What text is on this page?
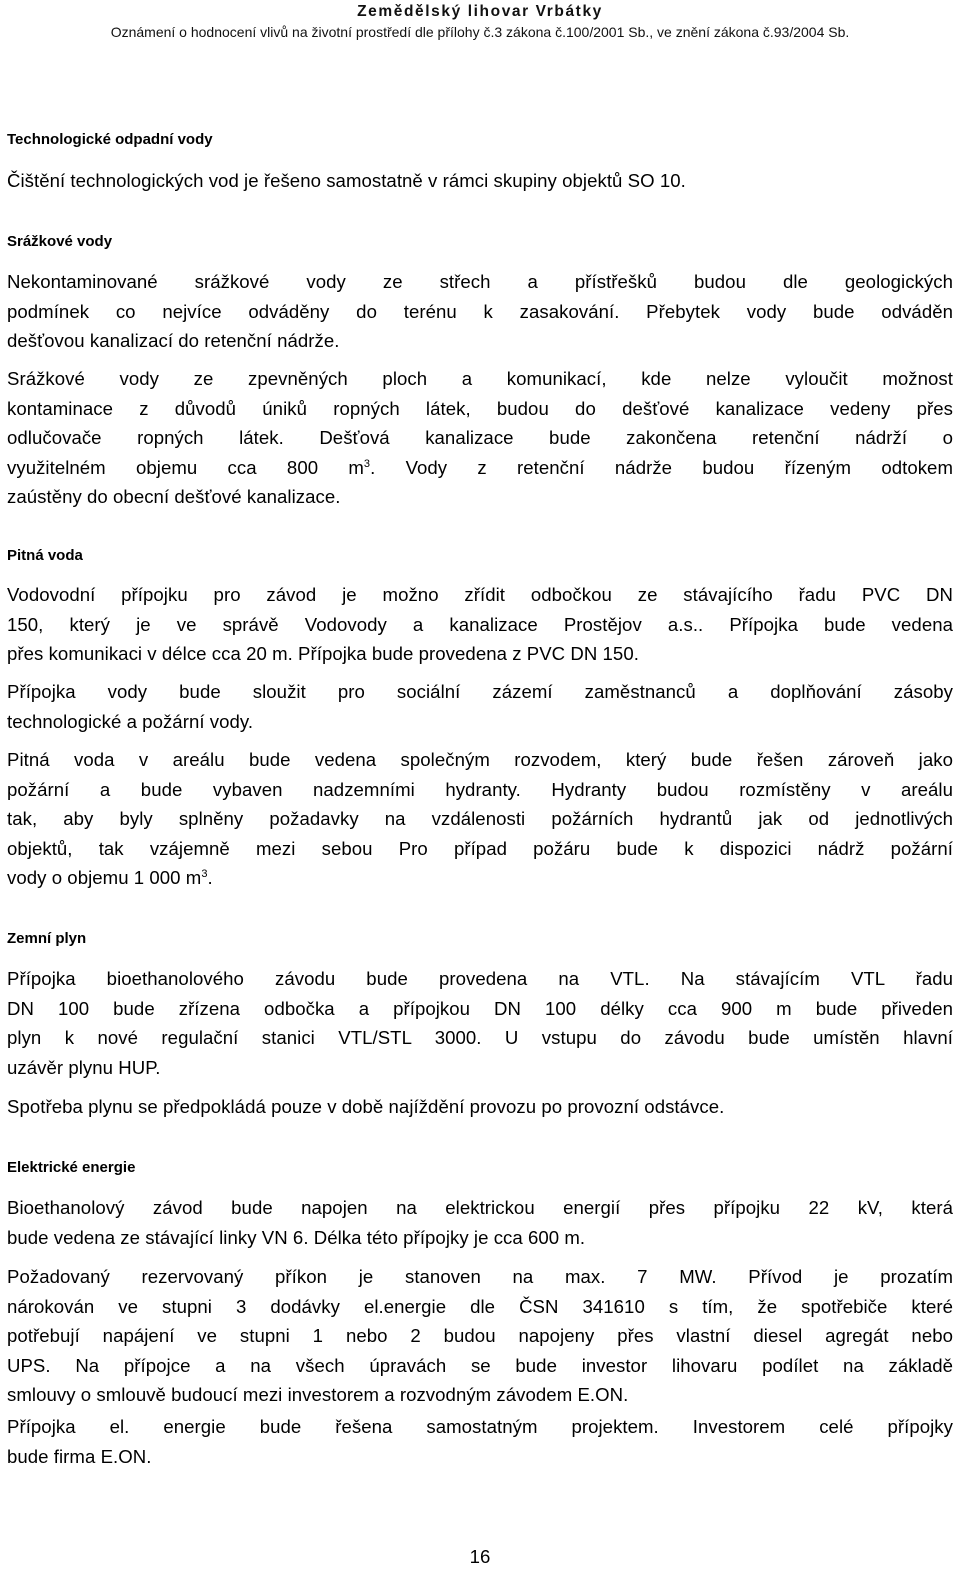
Zemědělský lihovar Vrbátky
Oznámení o hodnocení vlivů na životní prostředí dle přílohy č.3 zákona č.100/2001 Sb., ve znění zákona č.93/2004 Sb.
Technologické odpadní vody
Čištění technologických vod je řešeno samostatně v rámci skupiny objektů SO 10.
Srážkové vody
Nekontaminované srážkové vody ze střech a přístřešků budou dle geologických
podmínek co nejvíce odváděny do terénu k zasakování. Přebytek vody bude odváděn
dešťovou kanalizací do retenční nádrže.
Srážkové vody ze zpevněných ploch a komunikací, kde nelze vyloučit možnost
kontaminace z důvodů úniků ropných látek, budou do dešťové kanalizace vedeny přes
odlučovače ropných látek. Dešťová kanalizace bude zakončena retenční nádrží o
využitelném objemu cca 800 $m^3$. Vody z retenční nádrže budou řízeným odtokem
zaústěny do obecní dešťové kanalizace.
Pitná voda
Vodovodní přípojku pro závod je možno zřídit odbočkou ze stávajícího řadu PVC DN
150, který je ve správě Vodovody a kanalizace Prostějov a.s.. Přípojka bude vedena
přes komunikaci v délce cca 20 m. Přípojka bude provedena z PVC DN 150.
Přípojka vody bude sloužit pro sociální zázemí zaměstnanců a doplňování zásoby
technologické a požární vody.
Pitná voda v areálu bude vedena společným rozvodem, který bude řešen zároveň jako
požární a bude vybaven nadzemními hydranty. Hydranty budou rozmístěny v areálu
tak, aby byly splněny požadavky na vzdálenosti požárních hydrantů jak od jednotlivých
objektů, tak vzájemně mezi sebou Pro případ požáru bude k dispozici nádrž požární
vody o objemu 1 000 $m^3$.
Zemní plyn
Přípojka bioethanolového závodu bude provedena na VTL. Na stávajícím VTL řadu
DN 100 bude zřízena odbočka a přípojkou DN 100 délky cca 900 m bude přiveden
plyn k nové regulační stanici VTL/STL 3000. U vstupu do závodu bude umístěn hlavní
uzávěr plynu HUP.
Spotřeba plynu se předpokládá pouze v době najíždění provozu po provozní odstávce.
Elektrické energie
Bioethanolový závod bude napojen na elektrickou energií přes přípojku 22 kV, která
bude vedena ze stávající linky VN 6. Délka této přípojky je cca 600 m.
Požadovaný rezervovaný příkon je stanoven na max. 7 MW. Přívod je prozatím
nárokován ve stupni 3 dodávky el.energie dle ČSN 341610 s tím, že spotřebiče které
potřebují napájení ve stupni 1 nebo 2 budou napojeny přes vlastní diesel agregát nebo
UPS. Na přípojce a na všech úpravách se bude investor lihovaru podílet na základě
smlouvy o smlouvě budoucí mezi investorem a rozvodným závodem E.ON.
Přípojka el. energie bude řešena samostatným projektem. Investorem celé přípojky
bude firma E.ON.
16
